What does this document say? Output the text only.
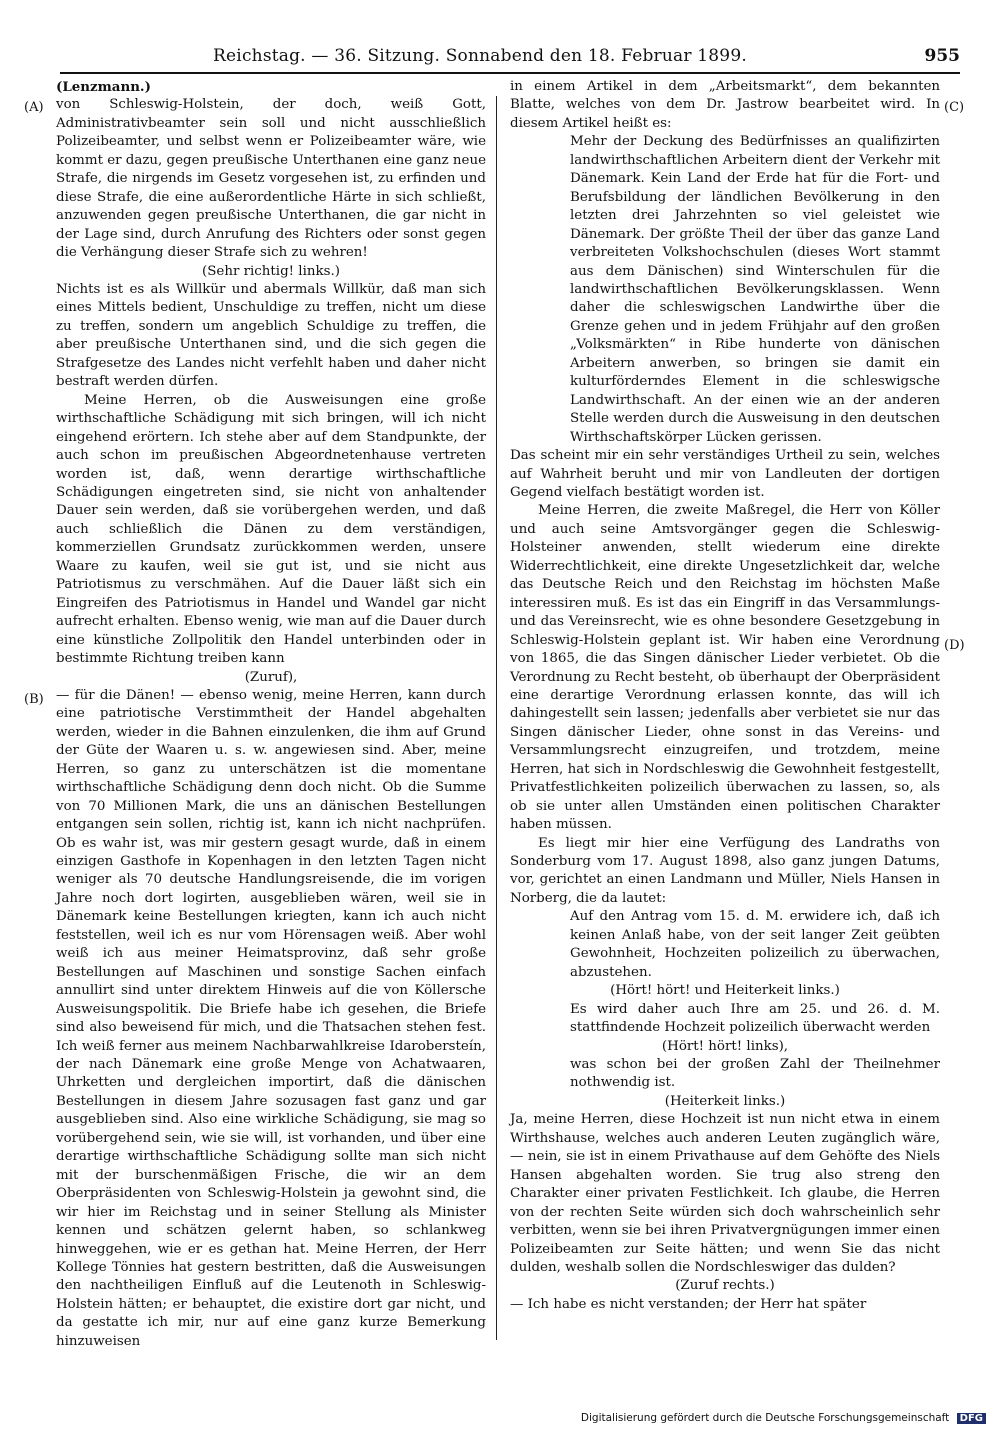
Reichstag. — 36. Sitzung. Sonnabend den 18. Februar 1899.	955
(A)
(B)
(C)
(D)

(Lenzmann.)

von Schleswig-Holstein, der doch, weiß Gott, Administrativbeamter sein soll und nicht ausschließlich Polizeibeamter, und selbst wenn er Polizeibeamter wäre, wie kommt er dazu, gegen preußische Unterthanen eine ganz neue Strafe, die nirgends im Gesetz vorgesehen ist, zu erfinden und diese Strafe, die eine außerordentliche Härte in sich schließt, anzuwenden gegen preußische Unterthanen, die gar nicht in der Lage sind, durch Anrufung des Richters oder sonst gegen die Verhängung dieser Strafe sich zu wehren!

(Sehr richtig! links.)

Nichts ist es als Willkür und abermals Willkür, daß man sich eines Mittels bedient, Unschuldige zu treffen, nicht um diese zu treffen, sondern um angeblich Schuldige zu treffen, die aber preußische Unterthanen sind, und die sich gegen die Strafgesetze des Landes nicht verfehlt haben und daher nicht bestraft werden dürfen.

Meine Herren, ob die Ausweisungen eine große wirthschaftliche Schädigung mit sich bringen, will ich nicht eingehend erörtern. Ich stehe aber auf dem Standpunkte, der auch schon im preußischen Abgeordnetenhause vertreten worden ist, daß, wenn derartige wirthschaftliche Schädigungen eingetreten sind, sie nicht von anhaltender Dauer sein werden, daß sie vorübergehen werden, und daß auch schließlich die Dänen zu dem verständigen, kommerziellen Grundsatz zurückkommen werden, unsere Waare zu kaufen, weil sie gut ist, und sie nicht aus Patriotismus zu verschmähen. Auf die Dauer läßt sich ein Eingreifen des Patriotismus in Handel und Wandel gar nicht aufrecht erhalten. Ebenso wenig, wie man auf die Dauer durch eine künstliche Zollpolitik den Handel unterbinden oder in bestimmte Richtung treiben kann

(Zuruf),

— für die Dänen! — ebenso wenig, meine Herren, kann durch eine patriotische Verstimmtheit der Handel abgehalten werden, wieder in die Bahnen einzulenken, die ihm auf Grund der Güte der Waaren u. s. w. angewiesen sind. Aber, meine Herren, so ganz zu unterschätzen ist die momentane wirthschaftliche Schädigung denn doch nicht. Ob die Summe von 70 Millionen Mark, die uns an dänischen Bestellungen entgangen sein sollen, richtig ist, kann ich nicht nachprüfen. Ob es wahr ist, was mir gestern gesagt wurde, daß in einem einzigen Gasthofe in Kopenhagen in den letzten Tagen nicht weniger als 70 deutsche Handlungsreisende, die im vorigen Jahre noch dort logirten, ausgeblieben wären, weil sie in Dänemark keine Bestellungen kriegten, kann ich auch nicht feststellen, weil ich es nur vom Hörensagen weiß. Aber wohl weiß ich aus meiner Heimatsprovinz, daß sehr große Bestellungen auf Maschinen und sonstige Sachen einfach annullirt sind unter direktem Hinweis auf die von Köllersche Ausweisungspolitik. Die Briefe habe ich gesehen, die Briefe sind also beweisend für mich, und die Thatsachen stehen fest. Ich weiß ferner aus meinem Nachbarwahlkreise Idarobersteín, der nach Dänemark eine große Menge von Achatwaaren, Uhrketten und dergleichen importirt, daß die dänischen Bestellungen in diesem Jahre sozusagen fast ganz und gar ausgeblieben sind. Also eine wirkliche Schädigung, sie mag so vorübergehend sein, wie sie will, ist vorhanden, und über eine derartige wirthschaftliche Schädigung sollte man sich nicht mit der burschenmäßigen Frische, die wir an dem Oberpräsidenten von Schleswig-Holstein ja gewohnt sind, die wir hier im Reichstag und in seiner Stellung als Minister kennen und schätzen gelernt haben, so schlankweg hinweggehen, wie er es gethan hat. Meine Herren, der Herr Kollege Tönnies hat gestern bestritten, daß die Ausweisungen den nachtheiligen Einfluß auf die Leutenoth in Schleswig-Holstein hätten; er behauptet, die existire dort gar nicht, und da gestatte ich mir, nur auf eine ganz kurze Bemerkung hinzuweisen

in einem Artikel in dem „Arbeitsmarkt“, dem bekannten Blatte, welches von dem Dr. Jastrow bearbeitet wird. In diesem Artikel heißt es:

Mehr der Deckung des Bedürfnisses an qualifizirten landwirthschaftlichen Arbeitern dient der Verkehr mit Dänemark. Kein Land der Erde hat für die Fort- und Berufsbildung der ländlichen Bevölkerung in den letzten drei Jahrzehnten so viel geleistet wie Dänemark. Der größte Theil der über das ganze Land verbreiteten Volkshochschulen (dieses Wort stammt aus dem Dänischen) sind Winterschulen für die landwirthschaftlichen Bevölkerungsklassen. Wenn daher die schleswigschen Landwirthe über die Grenze gehen und in jedem Frühjahr auf den großen „Volksmärkten“ in Ribe hunderte von dänischen Arbeitern anwerben, so bringen sie damit ein kulturförderndes Element in die schleswigsche Landwirthschaft. An der einen wie an der anderen Stelle werden durch die Ausweisung in den deutschen Wirthschaftskörper Lücken gerissen.

Das scheint mir ein sehr verständiges Urtheil zu sein, welches auf Wahrheit beruht und mir von Landleuten der dortigen Gegend vielfach bestätigt worden ist.

Meine Herren, die zweite Maßregel, die Herr von Köller und auch seine Amtsvorgänger gegen die Schleswig-Holsteiner anwenden, stellt wiederum eine direkte Widerrechtlichkeit, eine direkte Ungesetzlichkeit dar, welche das Deutsche Reich und den Reichstag im höchsten Maße interessiren muß. Es ist das ein Eingriff in das Versammlungs- und das Vereinsrecht, wie es ohne besondere Gesetzgebung in Schleswig-Holstein geplant ist. Wir haben eine Verordnung von 1865, die das Singen dänischer Lieder verbietet. Ob die Verordnung zu Recht besteht, ob überhaupt der Oberpräsident eine derartige Verordnung erlassen konnte, das will ich dahingestellt sein lassen; jedenfalls aber verbietet sie nur das Singen dänischer Lieder, ohne sonst in das Vereins- und Versammlungsrecht einzugreifen, und trotzdem, meine Herren, hat sich in Nordschleswig die Gewohnheit festgestellt, Privatfestlichkeiten polizeilich überwachen zu lassen, so, als ob sie unter allen Umständen einen politischen Charakter haben müssen.

Es liegt mir hier eine Verfügung des Landraths von Sonderburg vom 17. August 1898, also ganz jungen Datums, vor, gerichtet an einen Landmann und Müller, Niels Hansen in Norberg, die da lautet:

Auf den Antrag vom 15. d. M. erwidere ich, daß ich keinen Anlaß habe, von der seit langer Zeit geübten Gewohnheit, Hochzeiten polizeilich zu überwachen, abzustehen.

(Hört! hört! und Heiterkeit links.)

Es wird daher auch Ihre am 25. und 26. d. M. stattfindende Hochzeit polizeilich überwacht werden

(Hört! hört! links),

was schon bei der großen Zahl der Theilnehmer nothwendig ist.

(Heiterkeit links.)

Ja, meine Herren, diese Hochzeit ist nun nicht etwa in einem Wirthshause, welches auch anderen Leuten zugänglich wäre, — nein, sie ist in einem Privathause auf dem Gehöfte des Niels Hansen abgehalten worden. Sie trug also streng den Charakter einer privaten Festlichkeit. Ich glaube, die Herren von der rechten Seite würden sich doch wahrscheinlich sehr verbitten, wenn sie bei ihren Privatvergnügungen immer einen Polizeibeamten zur Seite hätten; und wenn Sie das nicht dulden, weshalb sollen die Nordschleswiger das dulden?

(Zuruf rechts.)

— Ich habe es nicht verstanden; der Herr hat später

Digitalisierung gefördert durch die Deutsche Forschungsgemeinschaft DFG
